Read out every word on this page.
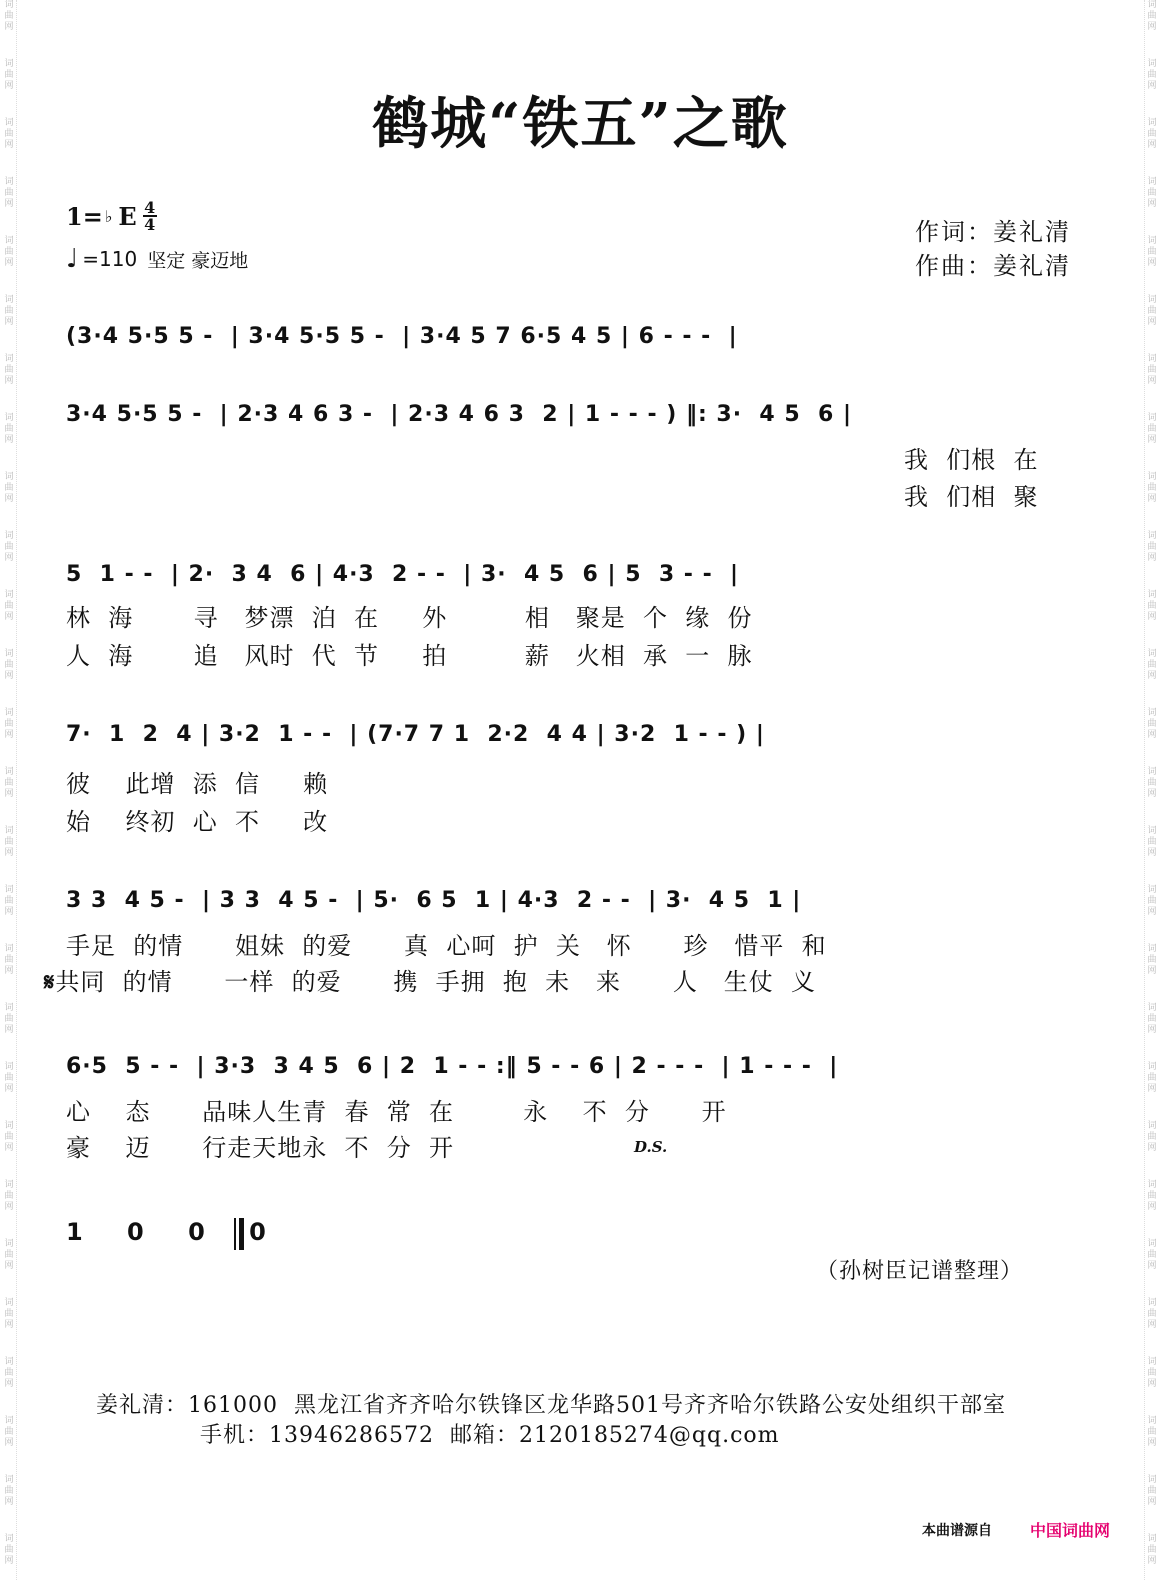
词曲网
词曲网
词曲网
词曲网
词曲网
词曲网
词曲网
词曲网
词曲网
词曲网
词曲网
词曲网
词曲网
词曲网
词曲网
词曲网
词曲网
词曲网
词曲网
词曲网
词曲网
词曲网
词曲网
词曲网
词曲网
词曲网
词曲网
词曲网
词曲网
词曲网
词曲网
词曲网
词曲网
词曲网
词曲网
词曲网
词曲网
词曲网
词曲网
词曲网
词曲网
词曲网
词曲网
词曲网
词曲网
词曲网
词曲网
词曲网
词曲网
词曲网
词曲网
词曲网
词曲网
词曲网
鹤城“铁五”之歌
1= ♭ E $\frac{4}{4}$
♩ =110 坚定 豪迈地
作词：姜礼清
作曲：姜礼清
(3·4 5·5 5 -  | 3·4 5·5 5 -  | 3·4 5 7 6·5 4 5 | 6 - - -  |
3·4 5·5 5 -  | 2·3 4 6 3 -  | 2·3 4 6 3  2 | 1 - - - ) ‖: 3·  4 5  6 |
我  们根  在
我  们相  聚
5  1 - -  | 2·  3 4  6 | 4·3  2 - -  | 3·  4 5  6 | 5  3 - -  |
林  海       寻   梦漂  泊  在     外         相   聚是  个  缘  份
人  海       追   风时  代  节     拍         薪   火相  承  一  脉
7·  1  2  4 | 3·2  1 - -  | (7·7 7 1  2·2  4 4 | 3·2  1 - - ) |
彼    此增  添  信     赖
始    终初  心  不     改
3 3  4 5 -  | 3 3  4 5 -  | 5·  6 5  1 | 4·3  2 - -  | 3·  4 5  1 |
手足  的情      姐妹  的爱      真  心呵  护  关   怀      珍   惜平  和
𝄋共同  的情      一样  的爱      携  手拥  抱  未   来      人   生仗  义
6·5  5 - -  | 3·3  3 4 5  6 | 2  1 - - :‖ 5 - - 6 | 2 - - -  | 1 - - -  |
心    态      品味人生青  春  常  在        永    不  分      开
豪    迈      行走天地永  不  分  开	D.S.
1 0 0 0
（孙树臣记谱整理）
姜礼清：161000  黑龙江省齐齐哈尔铁锋区龙华路501号齐齐哈尔铁路公安处组织干部室
手机：13946286572  邮箱：2120185274@qq.com
本曲谱源自 中国词曲网
